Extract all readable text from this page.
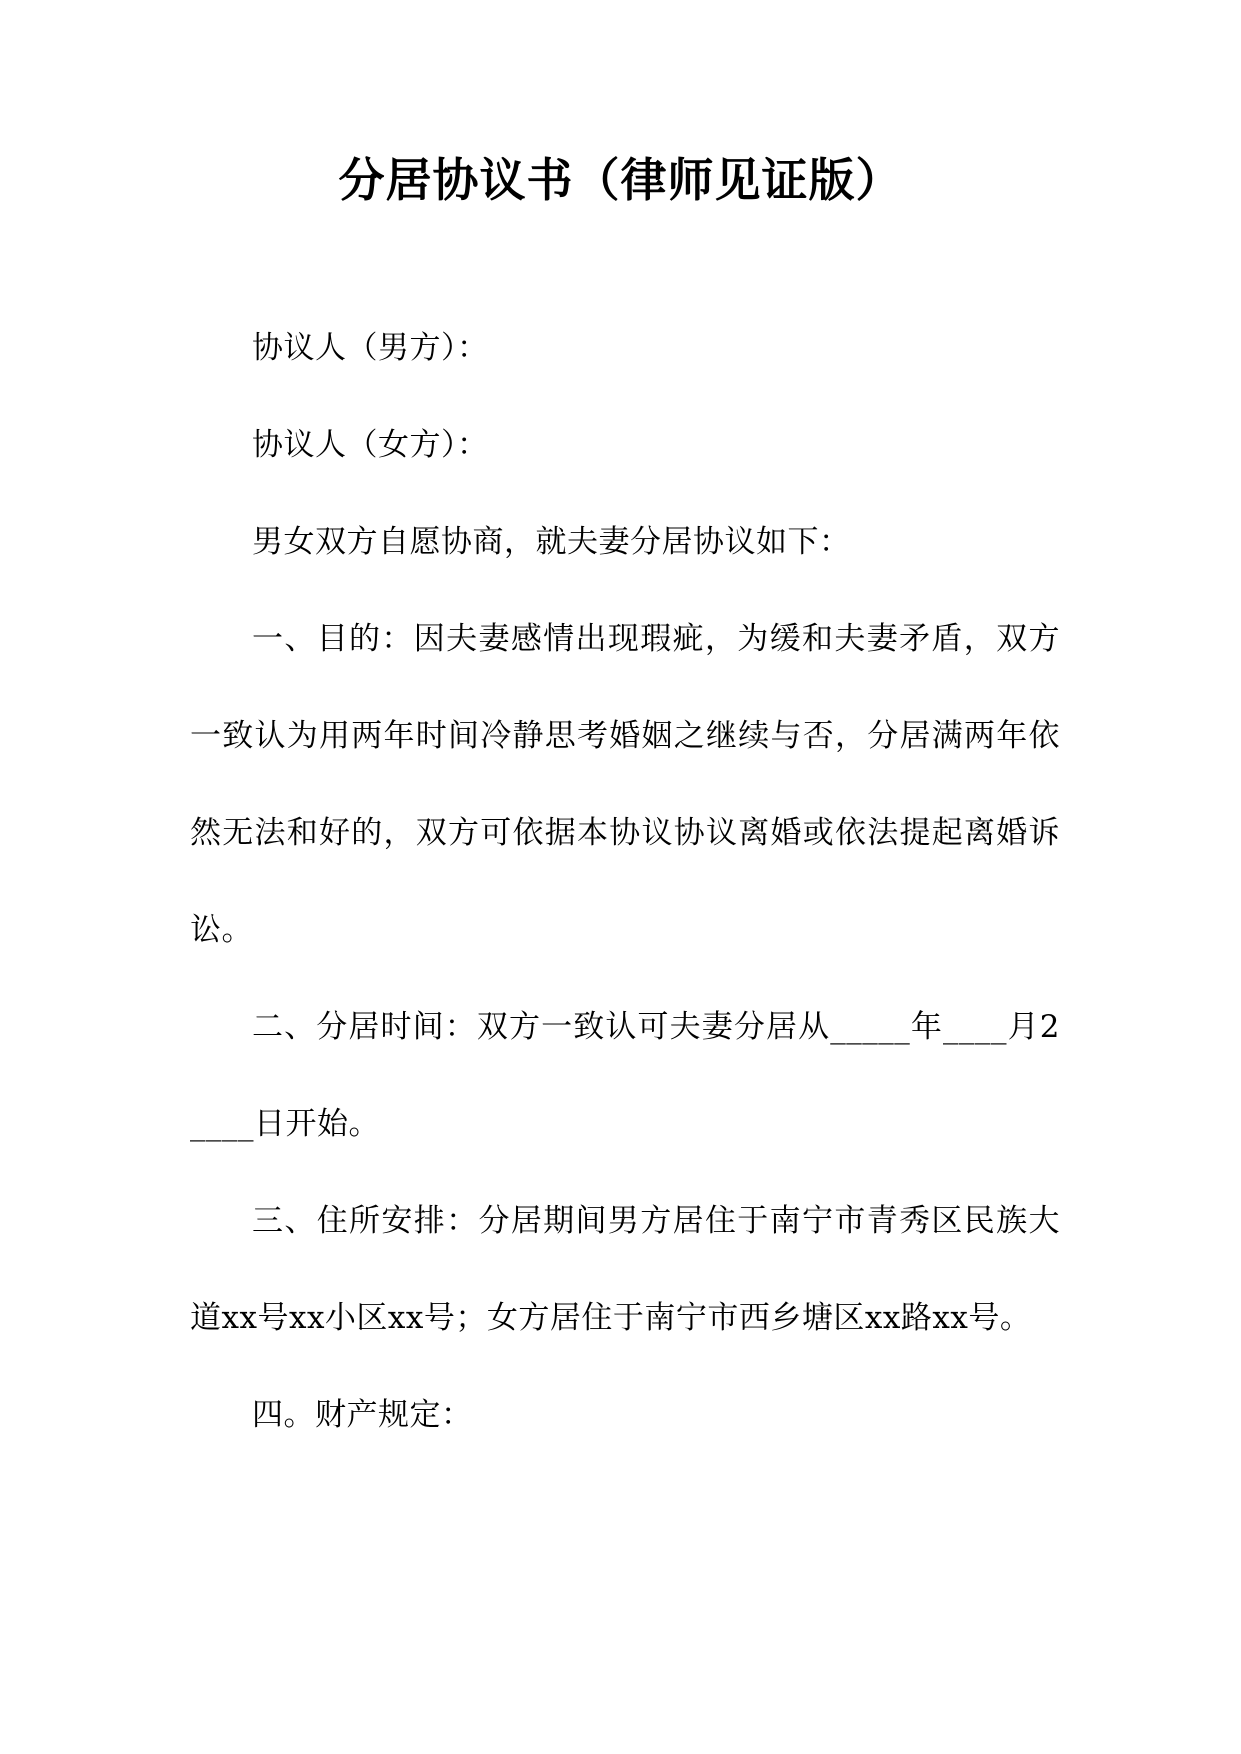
分居协议书（律师见证版）

协议人（男方）：

协议人（女方）：

男女双方自愿协商，就夫妻分居协议如下：

一、目的：因夫妻感情出现瑕疵，为缓和夫妻矛盾，双方一致认为用两年时间冷静思考婚姻之继续与否，分居满两年依然无法和好的，双方可依据本协议协议离婚或依法提起离婚诉讼。

二、分居时间：双方一致认可夫妻分居从_____年____月2____日开始。

三、住所安排：分居期间男方居住于南宁市青秀区民族大道xx号xx小区xx号；女方居住于南宁市西乡塘区xx路xx号。

四。财产规定：
